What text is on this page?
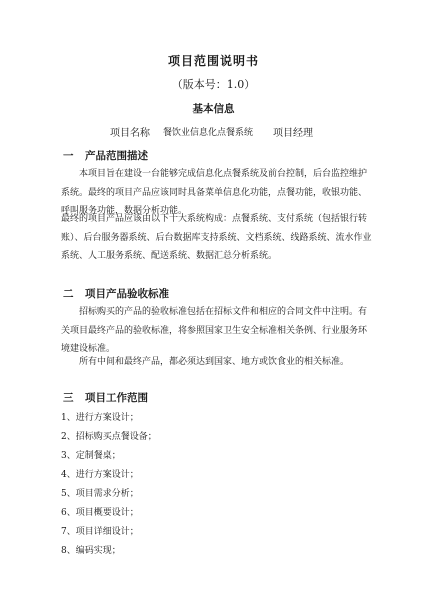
项目范围说明书
（版本号：1.0）
基本信息
项目名称 餐饮业信息化点餐系统 项目经理
一 产品范围描述
　　本项目旨在建设一台能够完成信息化点餐系统及前台控制，后台监控维护
系统。最终的项目产品应该同时具备菜单信息化功能，点餐功能，收银功能、
呼叫服务功能，数据分析功能。
最终的项目产品应该由以下十大系统构成：点餐系统、支付系统（包括银行转
账）、后台服务器系统、后台数据库支持系统、文档系统、线路系统、流水作业
系统、人工服务系统、配送系统、数据汇总分析系统。
二 项目产品验收标准
　　招标购买的产品的验收标准包括在招标文件和相应的合同文件中注明。有
关项目最终产品的验收标准，将参照国家卫生安全标准相关条例、行业服务环
境建设标准。
　　所有中间和最终产品，都必须达到国家、地方或饮食业的相关标准。
三 项目工作范围
1、进行方案设计；
2、招标购买点餐设备；
3、定制餐桌；
4、进行方案设计；
5、项目需求分析；
6、项目概要设计；
7、项目详细设计；
8、编码实现；
